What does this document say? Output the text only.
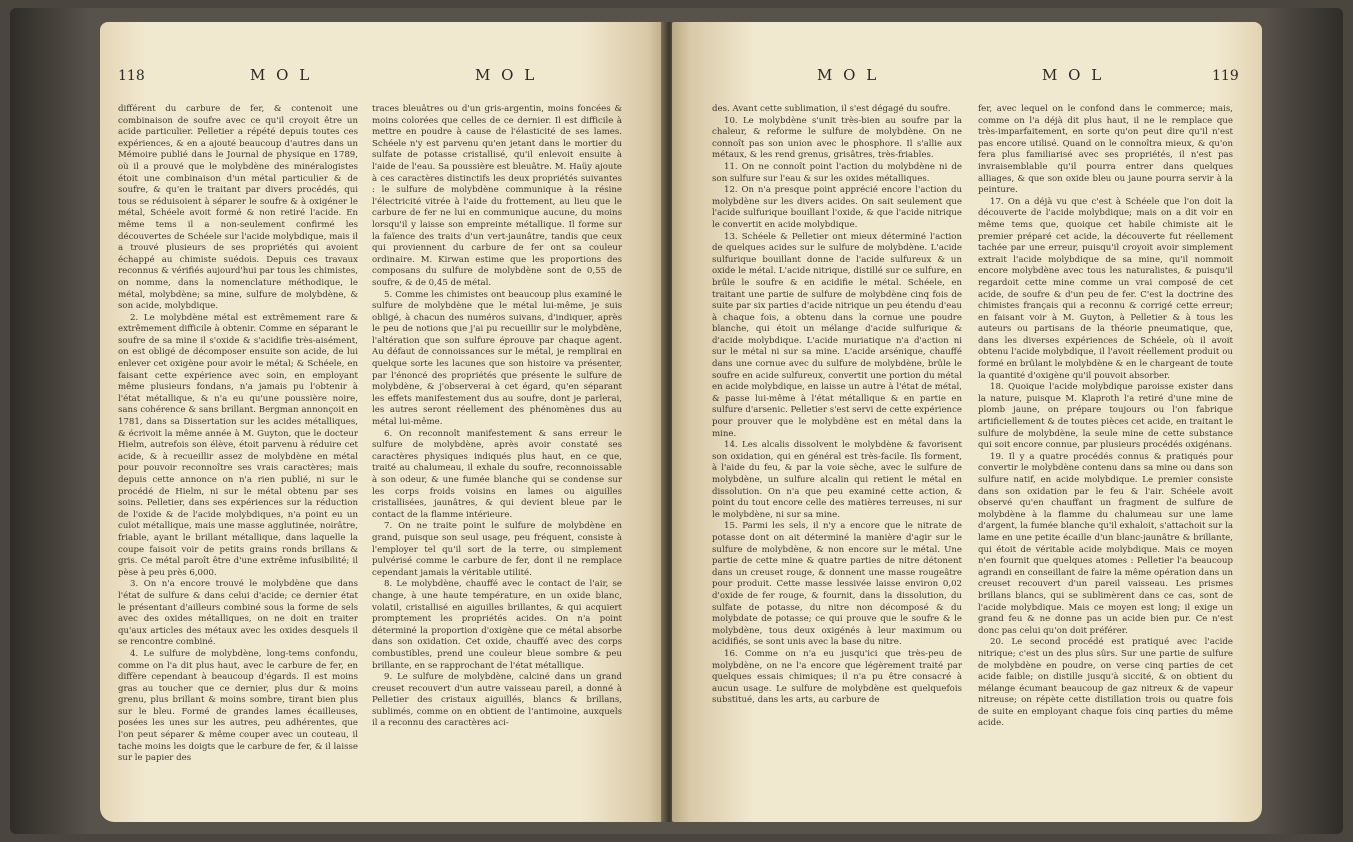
118	M O L	M O L

différent du carbure de fer, & contenoit une combinaison de soufre avec ce qu'il croyoit être un acide particulier. Pelletier a répété depuis toutes ces expériences, & en a ajouté beaucoup d'autres dans un Mémoire publié dans le Journal de physique en 1789, où il a prouvé que le molybdène des minéralogistes étoit une combinaison d'un métal particulier & de soufre, & qu'en le traitant par divers procédés, qui tous se réduisoient à séparer le soufre & à oxigéner le métal, Schéele avoit formé & non retiré l'acide. En même tems il a non-seulement confirmé les découvertes de Schéele sur l'acide molybdique, mais il a trouvé plusieurs de ses propriétés qui avoient échappé au chimiste suédois. Depuis ces travaux reconnus & vérifiés aujourd'hui par tous les chimistes, on nomme, dans la nomenclature méthodique, le métal, molybdène; sa mine, sulfure de molybdène, & son acide, molybdique.

2. Le molybdène métal est extrêmement rare & extrêmement difficile à obtenir. Comme en séparant le soufre de sa mine il s'oxide & s'acidifie très-aisément, on est obligé de décomposer ensuite son acide, de lui enlever cet oxigène pour avoir le métal; & Schéele, en faisant cette expérience avec soin, en employant même plusieurs fondans, n'a jamais pu l'obtenir à l'état métallique, & n'a eu qu'une poussière noire, sans cohérence & sans brillant. Bergman annonçoit en 1781, dans sa Dissertation sur les acides métalliques, & écrivoit la même année à M. Guyton, que le docteur Hielm, autrefois son élève, étoit parvenu à réduire cet acide, & à recueillir assez de molybdène en métal pour pouvoir reconnoître ses vrais caractères; mais depuis cette annonce on n'a rien publié, ni sur le procédé de Hielm, ni sur le métal obtenu par ses soins. Pelletier, dans ses expériences sur la réduction de l'oxide & de l'acide molybdiques, n'a point eu un culot métallique, mais une masse agglutinée, noirâtre, friable, ayant le brillant métallique, dans laquelle la coupe faisoit voir de petits grains ronds brillans & gris. Ce métal paroît être d'une extrême infusibilité; il pèse à peu près 6,000.

3. On n'a encore trouvé le molybdène que dans l'état de sulfure & dans celui d'acide; ce dernier état le présentant d'ailleurs combiné sous la forme de sels avec des oxides métalliques, on ne doit en traiter qu'aux articles des métaux avec les oxides desquels il se rencontre combiné.

4. Le sulfure de molybdène, long-tems confondu, comme on l'a dit plus haut, avec le carbure de fer, en diffère cependant à beaucoup d'égards. Il est moins gras au toucher que ce dernier, plus dur & moins grenu, plus brillant & moins sombre, tirant bien plus sur le bleu. Formé de grandes lames écailleuses, posées les unes sur les autres, peu adhérentes, que l'on peut séparer & même couper avec un couteau, il tache moins les doigts que le carbure de fer, & il laisse sur le papier des

traces bleuâtres ou d'un gris-argentin, moins foncées & moins colorées que celles de ce dernier. Il est difficile à mettre en poudre à cause de l'élasticité de ses lames. Schéele n'y est parvenu qu'en jetant dans le mortier du sulfate de potasse cristallisé, qu'il enlevoit ensuite à l'aide de l'eau. Sa poussière est bleuâtre. M. Haüy ajoute à ces caractères distinctifs les deux propriétés suivantes : le sulfure de molybdène communique à la résine l'électricité vitrée à l'aide du frottement, au lieu que le carbure de fer ne lui en communique aucune, du moins lorsqu'il y laisse son empreinte métallique. Il forme sur la faïence des traits d'un vert-jaunâtre, tandis que ceux qui proviennent du carbure de fer ont sa couleur ordinaire. M. Kirwan estime que les proportions des composans du sulfure de molybdène sont de 0,55 de soufre, & de 0,45 de métal.

5. Comme les chimistes ont beaucoup plus examiné le sulfure de molybdène que le métal lui-même, je suis obligé, à chacun des numéros suivans, d'indiquer, après le peu de notions que j'ai pu recueillir sur le molybdène, l'altération que son sulfure éprouve par chaque agent. Au défaut de connoissances sur le métal, je remplirai en quelque sorte les lacunes que son histoire va présenter, par l'énoncé des propriétés que présente le sulfure de molybdène, & j'observerai à cet égard, qu'en séparant les effets manifestement dus au soufre, dont je parlerai, les autres seront réellement des phénomènes dus au métal lui-même.

6. On reconnoît manifestement & sans erreur le sulfure de molybdène, après avoir constaté ses caractères physiques indiqués plus haut, en ce que, traité au chalumeau, il exhale du soufre, reconnoissable à son odeur, & une fumée blanche qui se condense sur les corps froids voisins en lames ou aiguilles cristallisées, jaunâtres, & qui devient bleue par le contact de la flamme intérieure.

7. On ne traite point le sulfure de molybdène en grand, puisque son seul usage, peu fréquent, consiste à l'employer tel qu'il sort de la terre, ou simplement pulvérisé comme le carbure de fer, dont il ne remplace cependant jamais la véritable utilité.

8. Le molybdène, chauffé avec le contact de l'air, se change, à une haute température, en un oxide blanc, volatil, cristallisé en aiguilles brillantes, & qui acquiert promptement les propriétés acides. On n'a point déterminé la proportion d'oxigène que ce métal absorbe dans son oxidation. Cet oxide, chauffé avec des corps combustibles, prend une couleur bleue sombre & peu brillante, en se rapprochant de l'état métallique.

9. Le sulfure de molybdène, calciné dans un grand creuset recouvert d'un autre vaisseau pareil, a donné à Pelletier des cristaux aiguillés, blancs & brillans, sublimés, comme on en obtient de l'antimoine, auxquels il a reconnu des caractères aci-

M O L	M O L	119

des. Avant cette sublimation, il s'est dégagé du soufre.

10. Le molybdène s'unit très-bien au soufre par la chaleur, & reforme le sulfure de molybdène. On ne connoît pas son union avec le phosphore. Il s'allie aux métaux, & les rend grenus, grisâtres, très-friables.

11. On ne connoît point l'action du molybdène ni de son sulfure sur l'eau & sur les oxides métalliques.

12. On n'a presque point apprécié encore l'action du molybdène sur les divers acides. On sait seulement que l'acide sulfurique bouillant l'oxide, & que l'acide nitrique le convertit en acide molybdique.

13. Schéele & Pelletier ont mieux déterminé l'action de quelques acides sur le sulfure de molybdène. L'acide sulfurique bouillant donne de l'acide sulfureux & un oxide le métal. L'acide nitrique, distillé sur ce sulfure, en brûle le soufre & en acidifie le métal. Schéele, en traitant une partie de sulfure de molybdène cinq fois de suite par six parties d'acide nitrique un peu étendu d'eau à chaque fois, a obtenu dans la cornue une poudre blanche, qui étoit un mélange d'acide sulfurique & d'acide molybdique. L'acide muriatique n'a d'action ni sur le métal ni sur sa mine. L'acide arsénique, chauffé dans une cornue avec du sulfure de molybdène, brûle le soufre en acide sulfureux, convertit une portion du métal en acide molybdique, en laisse un autre à l'état de métal, & passe lui-même à l'état métallique & en partie en sulfure d'arsenic. Pelletier s'est servi de cette expérience pour prouver que le molybdène est en métal dans la mine.

14. Les alcalis dissolvent le molybdène & favorisent son oxidation, qui en général est très-facile. Ils forment, à l'aide du feu, & par la voie sèche, avec le sulfure de molybdène, un sulfure alcalin qui retient le métal en dissolution. On n'a que peu examiné cette action, & point du tout encore celle des matières terreuses, ni sur le molybdène, ni sur sa mine.

15. Parmi les sels, il n'y a encore que le nitrate de potasse dont on ait déterminé la manière d'agir sur le sulfure de molybdène, & non encore sur le métal. Une partie de cette mine & quatre parties de nitre détonent dans un creuset rouge, & donnent une masse rougeâtre pour produit. Cette masse lessivée laisse environ 0,02 d'oxide de fer rouge, & fournit, dans la dissolution, du sulfate de potasse, du nitre non décomposé & du molybdate de potasse; ce qui prouve que le soufre & le molybdène, tous deux oxigénés à leur maximum ou acidifiés, se sont unis avec la base du nitre.

16. Comme on n'a eu jusqu'ici que très-peu de molybdène, on ne l'a encore que légèrement traité par quelques essais chimiques; il n'a pu être consacré à aucun usage. Le sulfure de molybdène est quelquefois substitué, dans les arts, au carbure de

fer, avec lequel on le confond dans le commerce; mais, comme on l'a déjà dit plus haut, il ne le remplace que très-imparfaitement, en sorte qu'on peut dire qu'il n'est pas encore utilisé. Quand on le connoîtra mieux, & qu'on fera plus familiarisé avec ses propriétés, il n'est pas invraisemblable qu'il pourra entrer dans quelques alliages, & que son oxide bleu ou jaune pourra servir à la peinture.

17. On a déjà vu que c'est à Schéele que l'on doit la découverte de l'acide molybdique; mais on a dit voir en même tems que, quoique cet habile chimiste ait le premier préparé cet acide, la découverte fut réellement tachée par une erreur, puisqu'il croyoit avoir simplement extrait l'acide molybdique de sa mine, qu'il nommoit encore molybdène avec tous les naturalistes, & puisqu'il regardoit cette mine comme un vrai composé de cet acide, de soufre & d'un peu de fer. C'est la doctrine des chimistes français qui a reconnu & corrigé cette erreur; en faisant voir à M. Guyton, à Pelletier & à tous les auteurs ou partisans de la théorie pneumatique, que, dans les diverses expériences de Schéele, où il avoit obtenu l'acide molybdique, il l'avoit réellement produit ou formé en brûlant le molybdène & en le chargeant de toute la quantité d'oxigène qu'il pouvoit absorber.

18. Quoique l'acide molybdique paroisse exister dans la nature, puisque M. Klaproth l'a retiré d'une mine de plomb jaune, on prépare toujours ou l'on fabrique artificiellement & de toutes pièces cet acide, en traitant le sulfure de molybdène, la seule mine de cette substance qui soit encore connue, par plusieurs procédés oxigénans.

19. Il y a quatre procédés connus & pratiqués pour convertir le molybdène contenu dans sa mine ou dans son sulfure natif, en acide molybdique. Le premier consiste dans son oxidation par le feu & l'air. Schéele avoit observé qu'en chauffant un fragment de sulfure de molybdène à la flamme du chalumeau sur une lame d'argent, la fumée blanche qu'il exhaloit, s'attachoit sur la lame en une petite écaille d'un blanc-jaunâtre & brillante, qui étoit de véritable acide molybdique. Mais ce moyen n'en fournit que quelques atomes : Pelletier l'a beaucoup agrandi en conseillant de faire la même opération dans un creuset recouvert d'un pareil vaisseau. Les prismes brillans blancs, qui se sublimèrent dans ce cas, sont de l'acide molybdique. Mais ce moyen est long; il exige un grand feu & ne donne pas un acide bien pur. Ce n'est donc pas celui qu'on doit préférer.

20. Le second procédé est pratiqué avec l'acide nitrique; c'est un des plus sûrs. Sur une partie de sulfure de molybdène en poudre, on verse cinq parties de cet acide faible; on distille jusqu'à siccité, & on obtient du mélange écumant beaucoup de gaz nitreux & de vapeur nitreuse; on répète cette distillation trois ou quatre fois de suite en employant chaque fois cinq parties du même acide.
